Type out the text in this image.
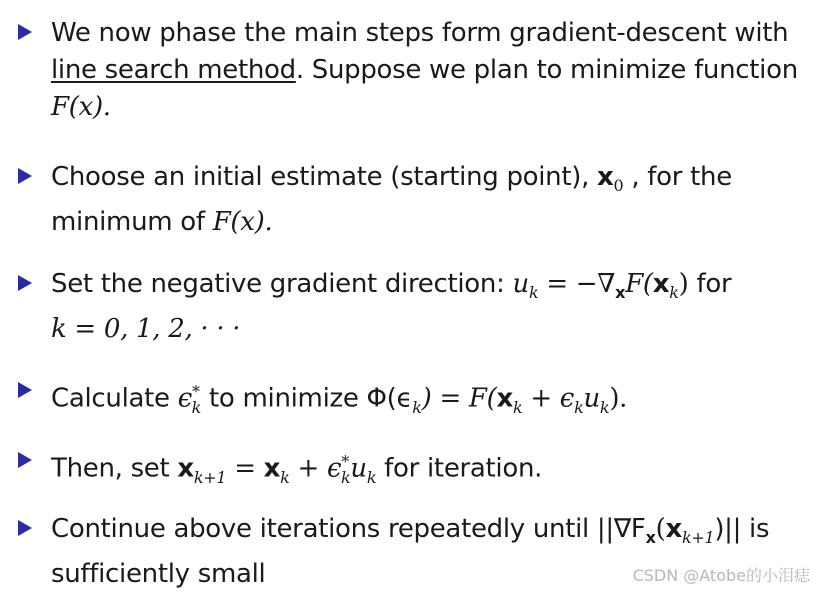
We now phase the main steps form gradient-descent with
line search method. Suppose we plan to minimize function
F(x).
Choose an initial estimate (starting point), $x_0$ , for the minimum of F(x).
Set the negative gradient direction: $u_k = -\nabla_xF(x_k)$ for
k = 0, 1, 2, · · ·
Calculate $\epsilon^*_k$ to minimize $\Phi(\epsilon_k) = F(x_k + \epsilon_ku_k)$.
Then, set $x_{k+1} = x_k + \epsilon^*_ku_k$ for iteration.
Continue above iterations repeatedly until $||\nabla F_x(x_{k+1})||$ is
sufficiently small	CSDN @Atobe的小泪痣
